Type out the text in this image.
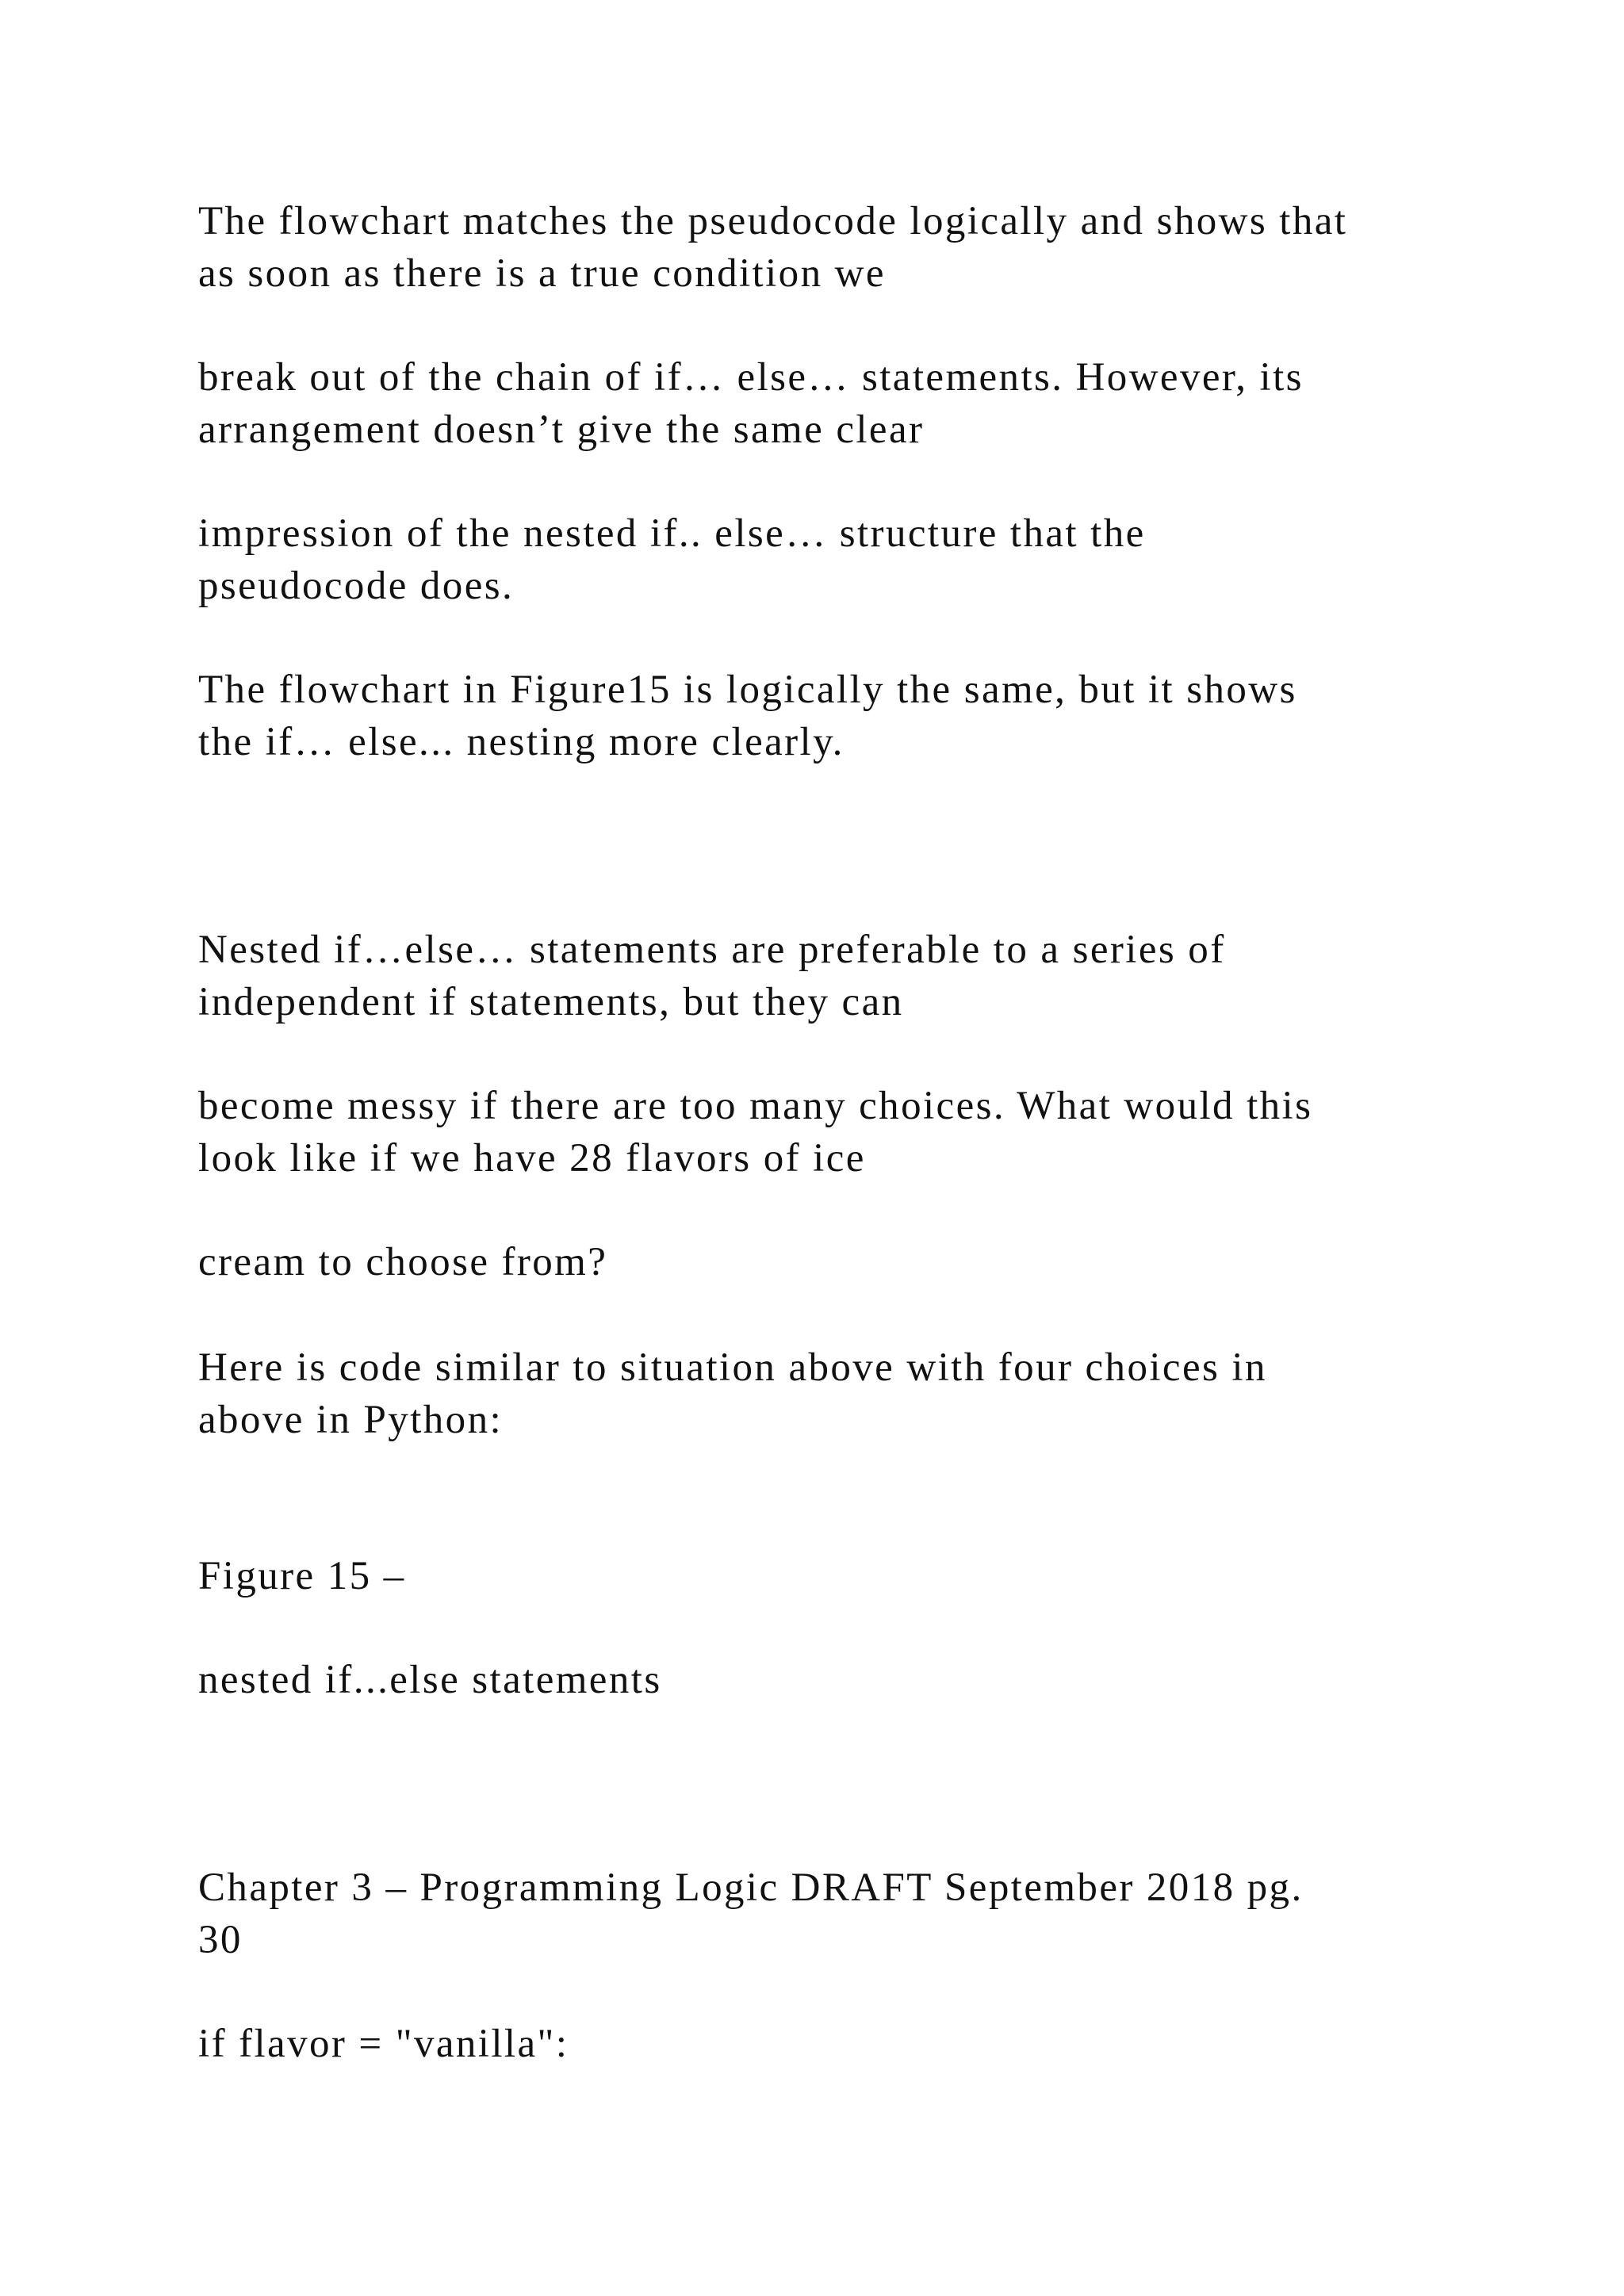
The flowchart matches the pseudocode logically and shows that

as soon as there is a true condition we

break out of the chain of if… else… statements. However, its

arrangement doesn’t give the same clear

impression of the nested if.. else… structure that the

pseudocode does.

The flowchart in Figure15 is logically the same, but it shows

the if… else... nesting more clearly.

Nested if…else… statements are preferable to a series of

independent if statements, but they can

become messy if there are too many choices. What would this

look like if we have 28 flavors of ice

cream to choose from?

Here is code similar to situation above with four choices in

above in Python:

Figure 15 –

nested if...else statements

Chapter 3 – Programming Logic DRAFT September 2018 pg.

30

if flavor = "vanilla":
